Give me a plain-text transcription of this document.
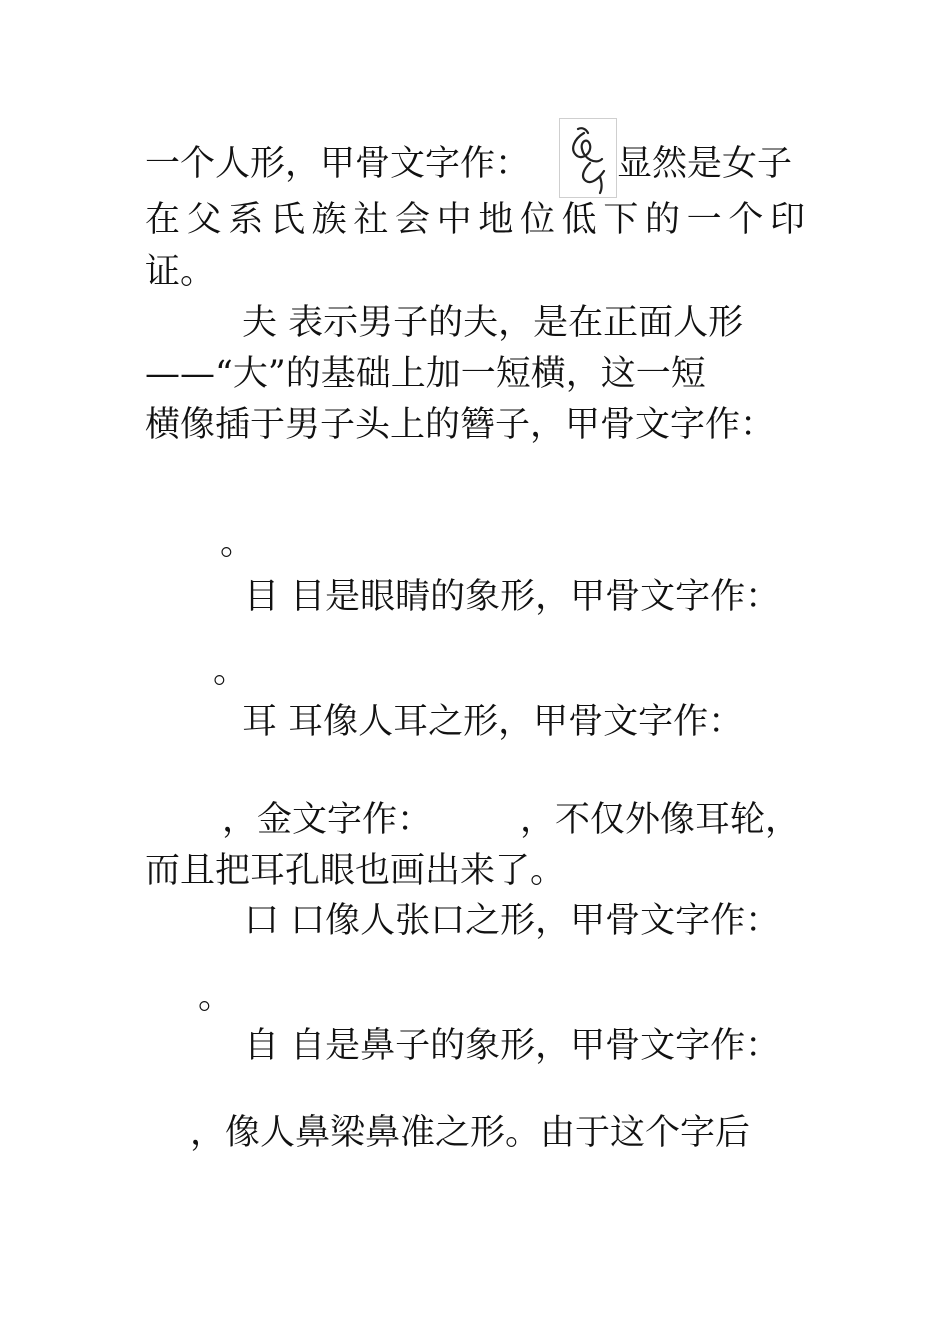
一个人形，甲骨文字作：	显然是女子
在父系氏族社会中地位低下的一个印
证。
夫 表示男子的夫，是在正面人形
——“大”的基础上加一短横，这一短
横像插于男子头上的簪子，甲骨文字作：
。
目 目是眼睛的象形，甲骨文字作：
。
耳 耳像人耳之形，甲骨文字作：
，金文字作：	，不仅外像耳轮，
而且把耳孔眼也画出来了。
口 口像人张口之形，甲骨文字作：
。
自 自是鼻子的象形，甲骨文字作：
，像人鼻梁鼻准之形。由于这个字后
